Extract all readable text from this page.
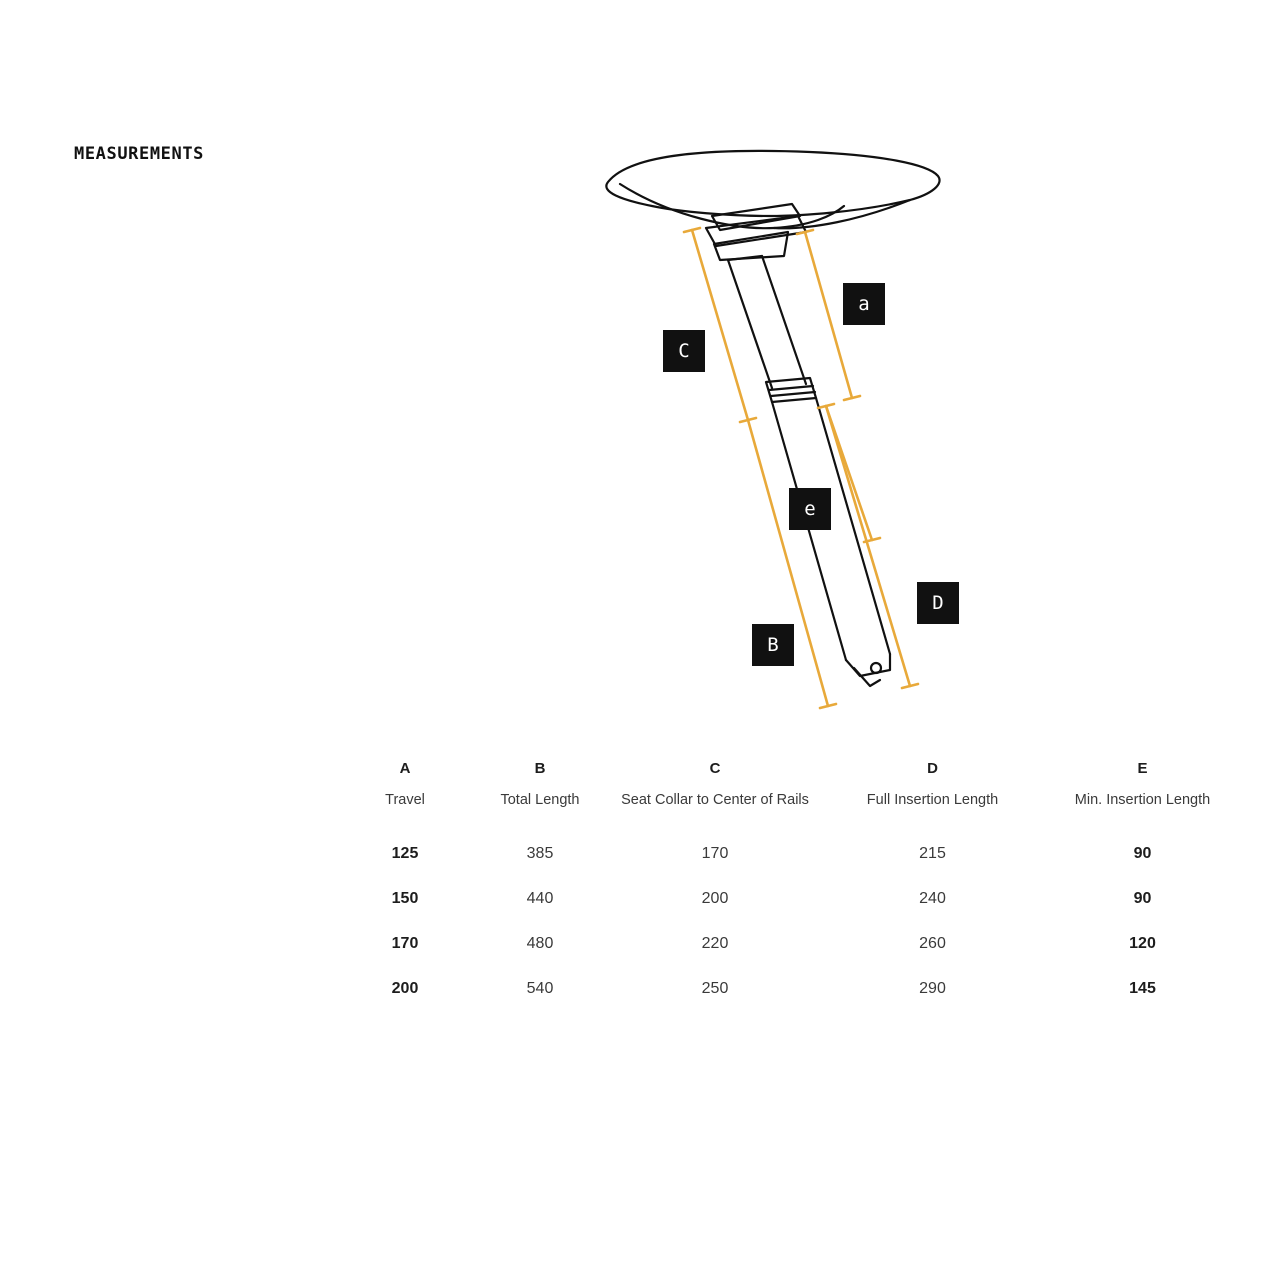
MEASUREMENTS
a
C
e
B
D
A	B	C	D	E
Travel	Total Length	Seat Collar to Center of Rails	Full Insertion Length	Min. Insertion Length
125	385	170	215	90
150	440	200	240	90
170	480	220	260	120
200	540	250	290	145
